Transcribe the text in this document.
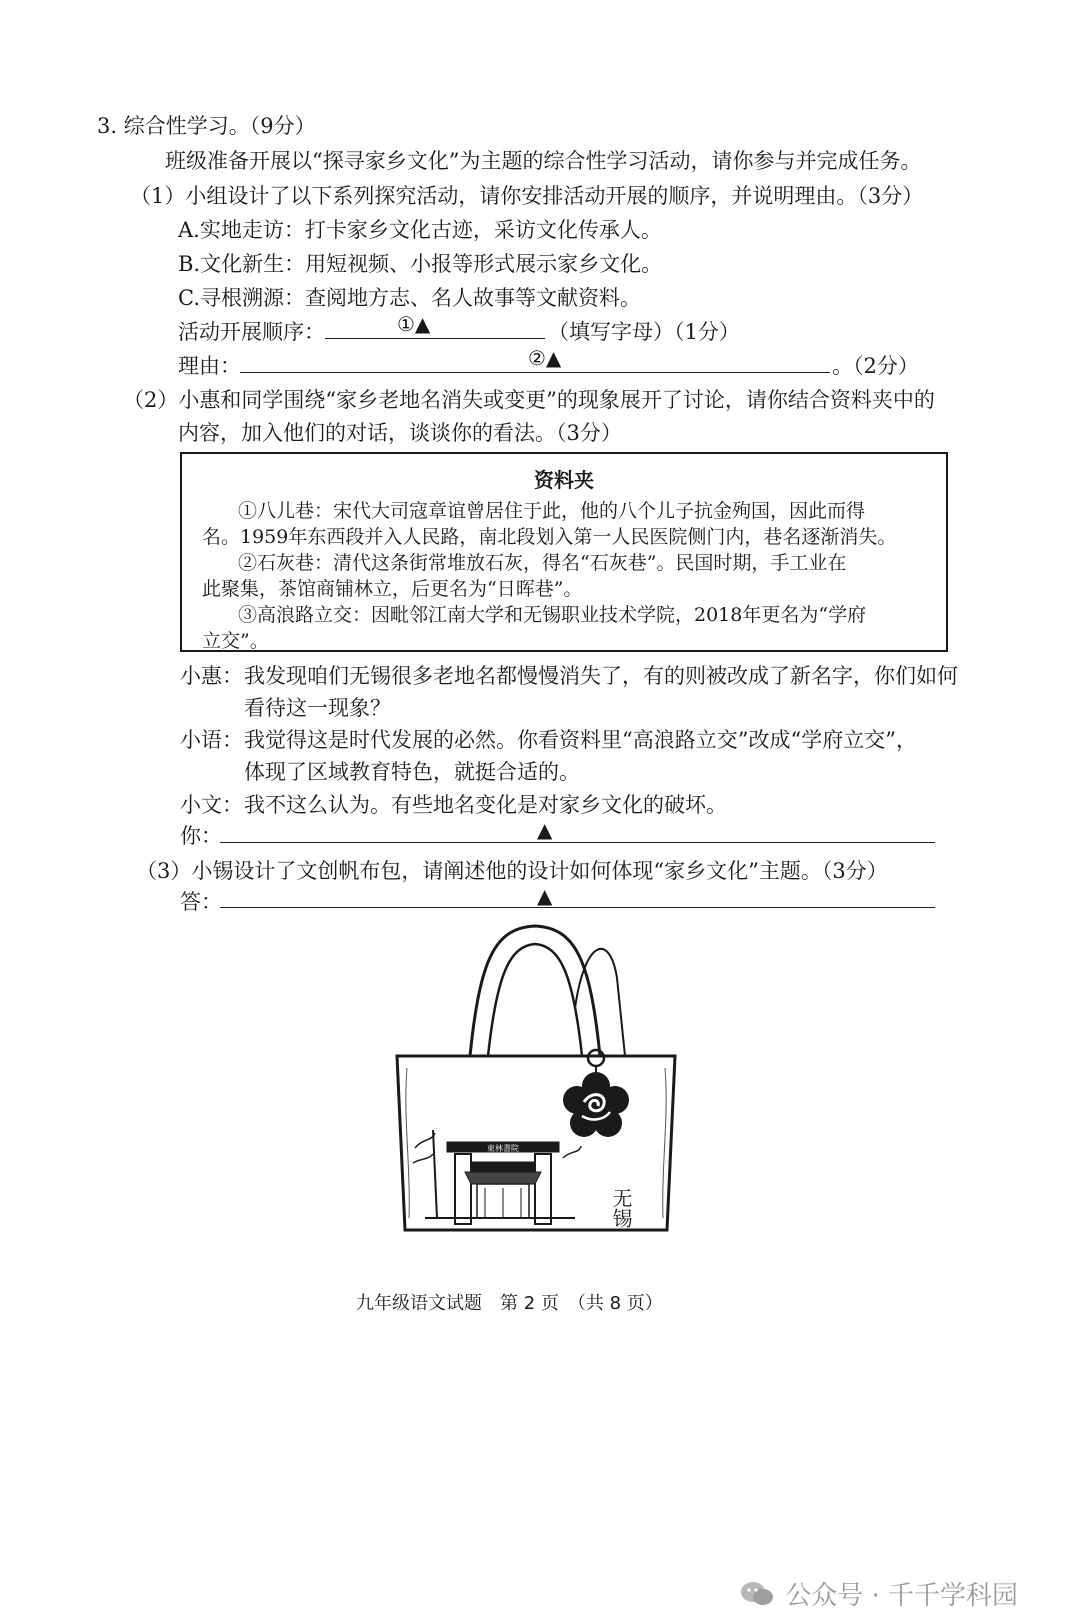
3. 综合性学习。（9分）
班级准备开展以“探寻家乡文化”为主题的综合性学习活动，请你参与并完成任务。
（1）小组设计了以下系列探究活动，请你安排活动开展的顺序，并说明理由。（3分）
A.实地走访：打卡家乡文化古迹，采访文化传承人。
B.文化新生：用短视频、小报等形式展示家乡文化。
C.寻根溯源：查阅地方志、名人故事等文献资料。
活动开展顺序：	①▲	（填写字母）（1分）
理由：	②▲	。（2分）
（2）小惠和同学围绕“家乡老地名消失或变更”的现象展开了讨论，请你结合资料夹中的
内容，加入他们的对话，谈谈你的看法。（3分）
资料夹
①八儿巷：宋代大司寇章谊曾居住于此，他的八个儿子抗金殉国，因此而得
名。1959年东西段并入人民路，南北段划入第一人民医院侧门内，巷名逐渐消失。
②石灰巷：清代这条街常堆放石灰，得名“石灰巷”。民国时期，手工业在
此聚集，茶馆商铺林立，后更名为“日晖巷”。
③高浪路立交：因毗邻江南大学和无锡职业技术学院，2018年更名为“学府
立交”。
小惠： 我发现咱们无锡很多老地名都慢慢消失了，有的则被改成了新名字，你们如何
看待这一现象？
小语： 我觉得这是时代发展的必然。你看资料里“高浪路立交”改成“学府立交”，
体现了区域教育特色，就挺合适的。
小文： 我不这么认为。有些地名变化是对家乡文化的破坏。
你：	▲
（3）小锡设计了文创帆布包，请阐述他的设计如何体现“家乡文化”主题。（3分）
答：	▲
東林書院
无锡
九年级语文试题　第 2 页　（共 8 页）
公众号 · 千千学科园
